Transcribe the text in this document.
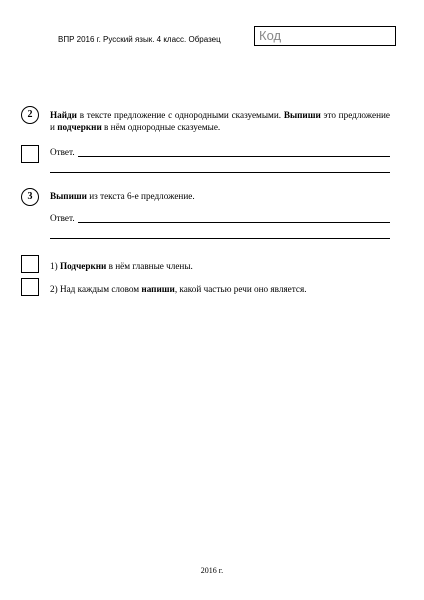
ВПР 2016 г. Русский язык. 4 класс. Образец	Код
2	Найди в тексте предложение с однородными сказуемыми. Выпиши это предложение и подчеркни в нём однородные сказуемые.
Ответ.
3	Выпиши из текста 6-е предложение.
Ответ.
1) Подчеркни в нём главные члены.
2) Над каждым словом напиши, какой частью речи оно является.
2016 г.
